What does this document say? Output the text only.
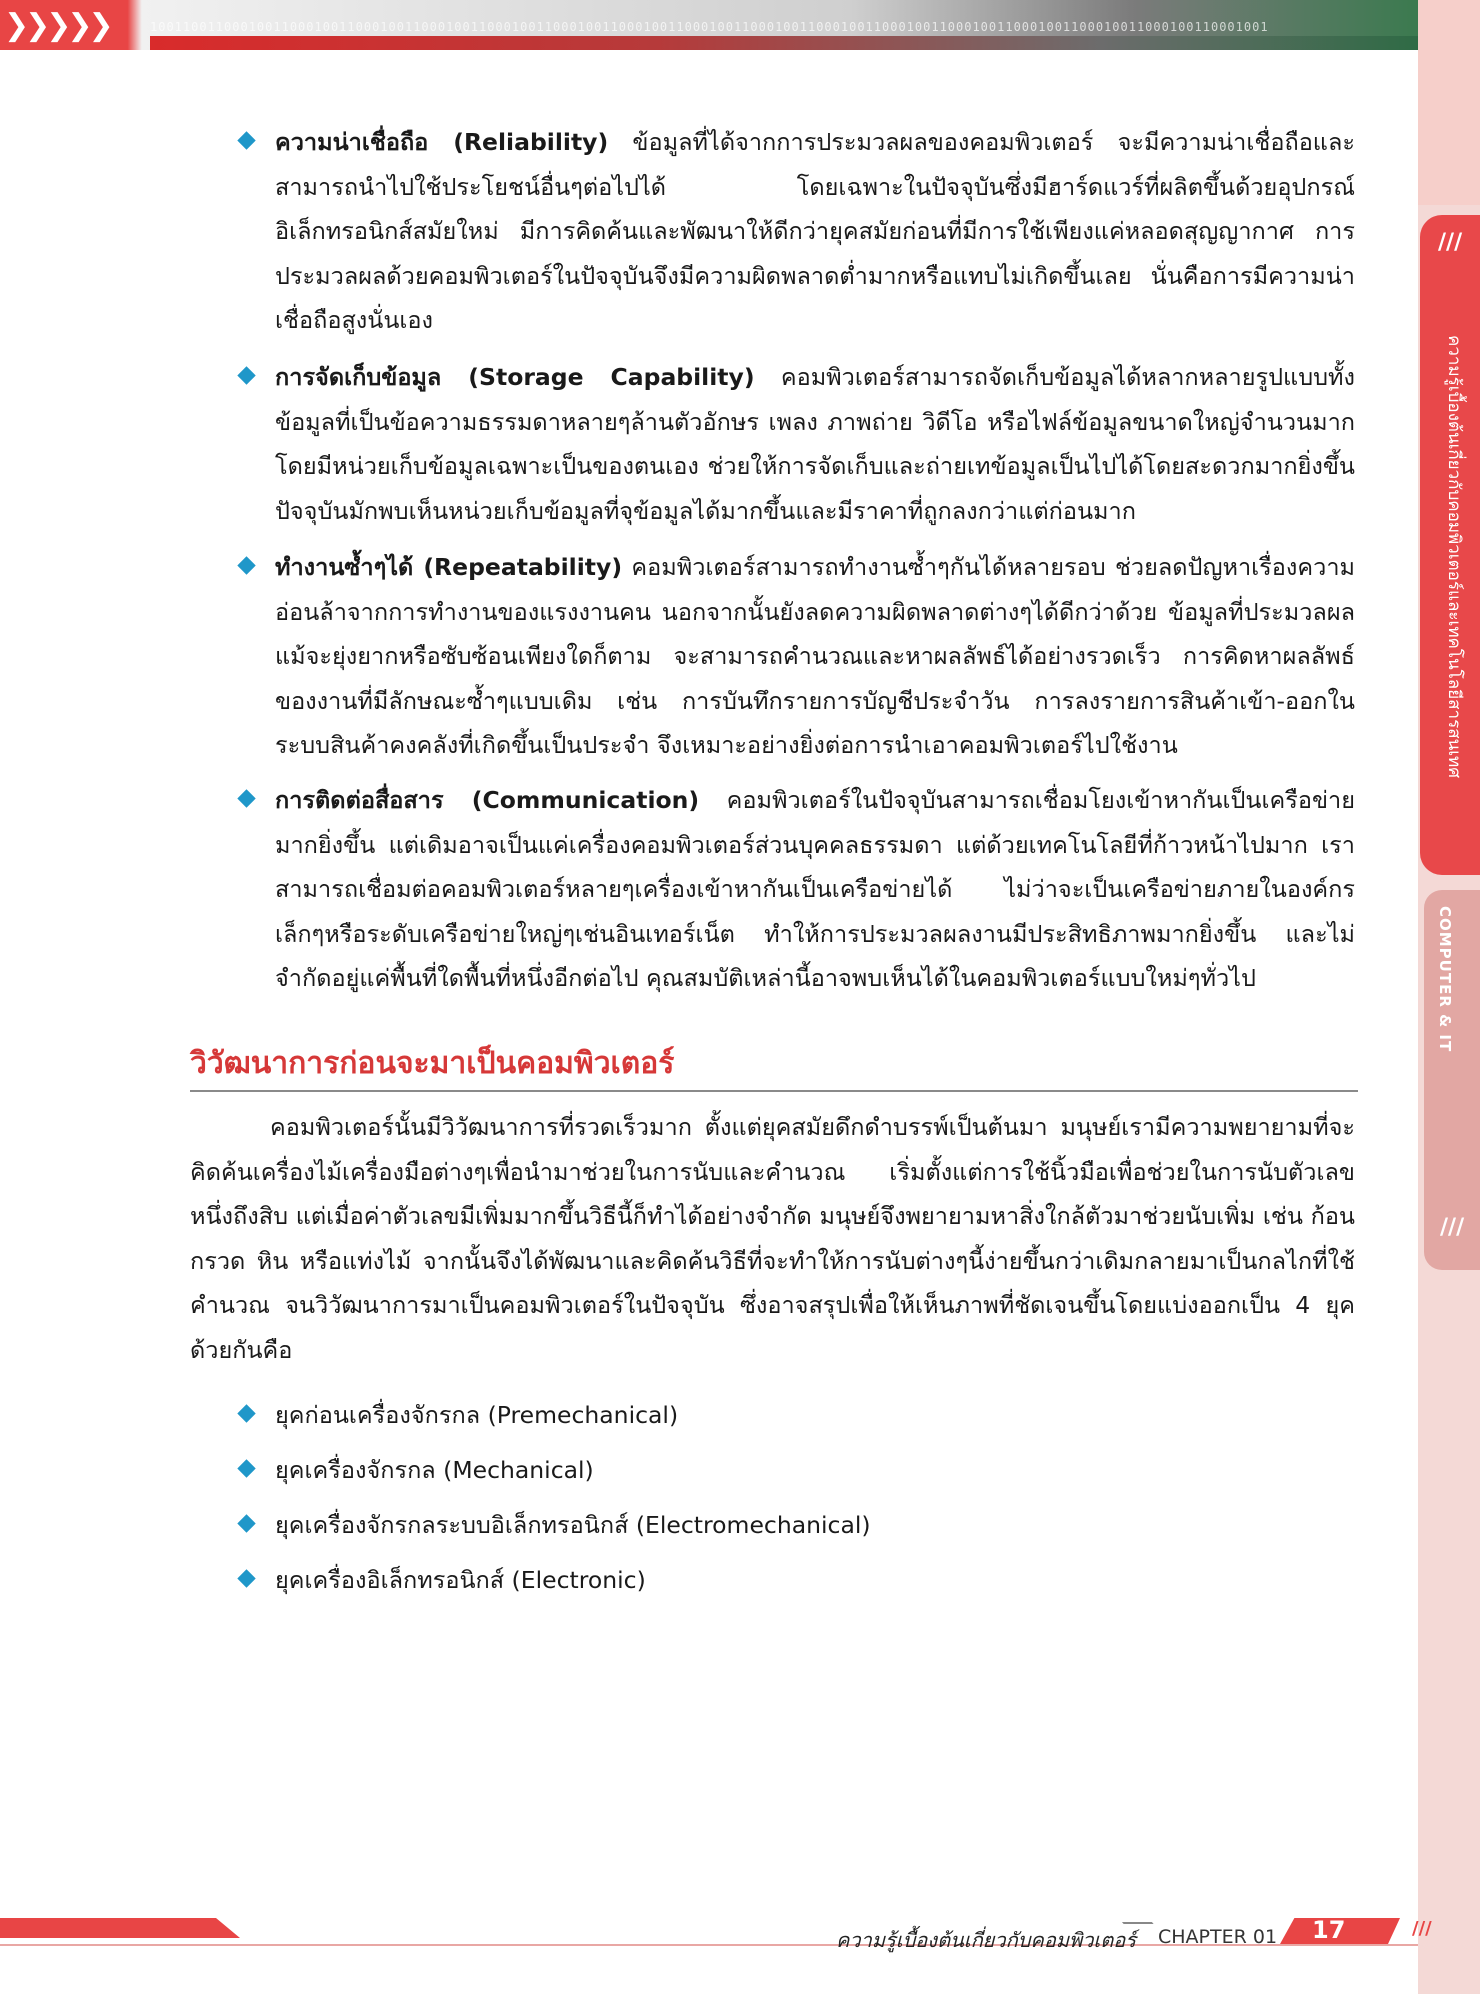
❯❯❯❯❯	1001100110001001100010011000100110001001100010011000100110001001100010011000100110001001100010011000100110001001100010011000100110001001
///
ความรู้เบื้องต้นเกี่ยวกับคอมพิวเตอร์และเทคโนโลยีสารสนเทศ
COMPUTER & IT
///
ความน่าเชื่อถือ (Reliability) ข้อมูลที่ได้จากการประมวลผลของคอมพิวเตอร์ จะมีความน่าเชื่อถือและสามารถนำไปใช้ประโยชน์อื่นๆต่อไปได้ โดยเฉพาะในปัจจุบันซึ่งมีฮาร์ดแวร์ที่ผลิตขึ้นด้วยอุปกรณ์อิเล็กทรอนิกส์สมัยใหม่ มีการคิดค้นและพัฒนาให้ดีกว่ายุคสมัยก่อนที่มีการใช้เพียงแค่หลอดสุญญากาศ การประมวลผลด้วยคอมพิวเตอร์ในปัจจุบันจึงมีความผิดพลาดต่ำมากหรือแทบไม่เกิดขึ้นเลย นั่นคือการมีความน่าเชื่อถือสูงนั่นเอง
การจัดเก็บข้อมูล (Storage Capability) คอมพิวเตอร์สามารถจัดเก็บข้อมูลได้หลากหลายรูปแบบทั้งข้อมูลที่เป็นข้อความธรรมดาหลายๆล้านตัวอักษร เพลง ภาพถ่าย วิดีโอ หรือไฟล์ข้อมูลขนาดใหญ่จำนวนมาก โดยมีหน่วยเก็บข้อมูลเฉพาะเป็นของตนเอง ช่วยให้การจัดเก็บและถ่ายเทข้อมูลเป็นไปได้โดยสะดวกมากยิ่งขึ้น ปัจจุบันมักพบเห็นหน่วยเก็บข้อมูลที่จุข้อมูลได้มากขึ้นและมีราคาที่ถูกลงกว่าแต่ก่อนมาก
ทำงานซ้ำๆได้ (Repeatability) คอมพิวเตอร์สามารถทำงานซ้ำๆกันได้หลายรอบ ช่วยลดปัญหาเรื่องความอ่อนล้าจากการทำงานของแรงงานคน นอกจากนั้นยังลดความผิดพลาดต่างๆได้ดีกว่าด้วย ข้อมูลที่ประมวลผลแม้จะยุ่งยากหรือซับซ้อนเพียงใดก็ตาม จะสามารถคำนวณและหาผลลัพธ์ได้อย่างรวดเร็ว การคิดหาผลลัพธ์ของงานที่มีลักษณะซ้ำๆแบบเดิม เช่น การบันทึกรายการบัญชีประจำวัน การลงรายการสินค้าเข้า-ออกในระบบสินค้าคงคลังที่เกิดขึ้นเป็นประจำ จึงเหมาะอย่างยิ่งต่อการนำเอาคอมพิวเตอร์ไปใช้งาน
การติดต่อสื่อสาร (Communication) คอมพิวเตอร์ในปัจจุบันสามารถเชื่อมโยงเข้าหากันเป็นเครือข่ายมากยิ่งขึ้น แต่เดิมอาจเป็นแค่เครื่องคอมพิวเตอร์ส่วนบุคคลธรรมดา แต่ด้วยเทคโนโลยีที่ก้าวหน้าไปมาก เราสามารถเชื่อมต่อคอมพิวเตอร์หลายๆเครื่องเข้าหากันเป็นเครือข่ายได้ ไม่ว่าจะเป็นเครือข่ายภายในองค์กรเล็กๆหรือระดับเครือข่ายใหญ่ๆเช่นอินเทอร์เน็ต ทำให้การประมวลผลงานมีประสิทธิภาพมากยิ่งขึ้น และไม่จำกัดอยู่แค่พื้นที่ใดพื้นที่หนึ่งอีกต่อไป คุณสมบัติเหล่านี้อาจพบเห็นได้ในคอมพิวเตอร์แบบใหม่ๆทั่วไป
วิวัฒนาการก่อนจะมาเป็นคอมพิวเตอร์
คอมพิวเตอร์นั้นมีวิวัฒนาการที่รวดเร็วมาก ตั้งแต่ยุคสมัยดึกดำบรรพ์เป็นต้นมา มนุษย์เรามีความพยายามที่จะคิดค้นเครื่องไม้เครื่องมือต่างๆเพื่อนำมาช่วยในการนับและคำนวณ เริ่มตั้งแต่การใช้นิ้วมือเพื่อช่วยในการนับตัวเลขหนึ่งถึงสิบ แต่เมื่อค่าตัวเลขมีเพิ่มมากขึ้นวิธีนี้ก็ทำได้อย่างจำกัด มนุษย์จึงพยายามหาสิ่งใกล้ตัวมาช่วยนับเพิ่ม เช่น ก้อนกรวด หิน หรือแท่งไม้ จากนั้นจึงได้พัฒนาและคิดค้นวิธีที่จะทำให้การนับต่างๆนี้ง่ายขึ้นกว่าเดิมกลายมาเป็นกลไกที่ใช้คำนวณ จนวิวัฒนาการมาเป็นคอมพิวเตอร์ในปัจจุบัน ซึ่งอาจสรุปเพื่อให้เห็นภาพที่ชัดเจนขึ้นโดยแบ่งออกเป็น 4 ยุคด้วยกันคือ
ยุคก่อนเครื่องจักรกล (Premechanical)
ยุคเครื่องจักรกล (Mechanical)
ยุคเครื่องจักรกลระบบอิเล็กทรอนิกส์ (Electromechanical)
ยุคเครื่องอิเล็กทรอนิกส์ (Electronic)
ความรู้เบื้องต้นเกี่ยวกับคอมพิวเตอร์ CHAPTER 01 17	///
